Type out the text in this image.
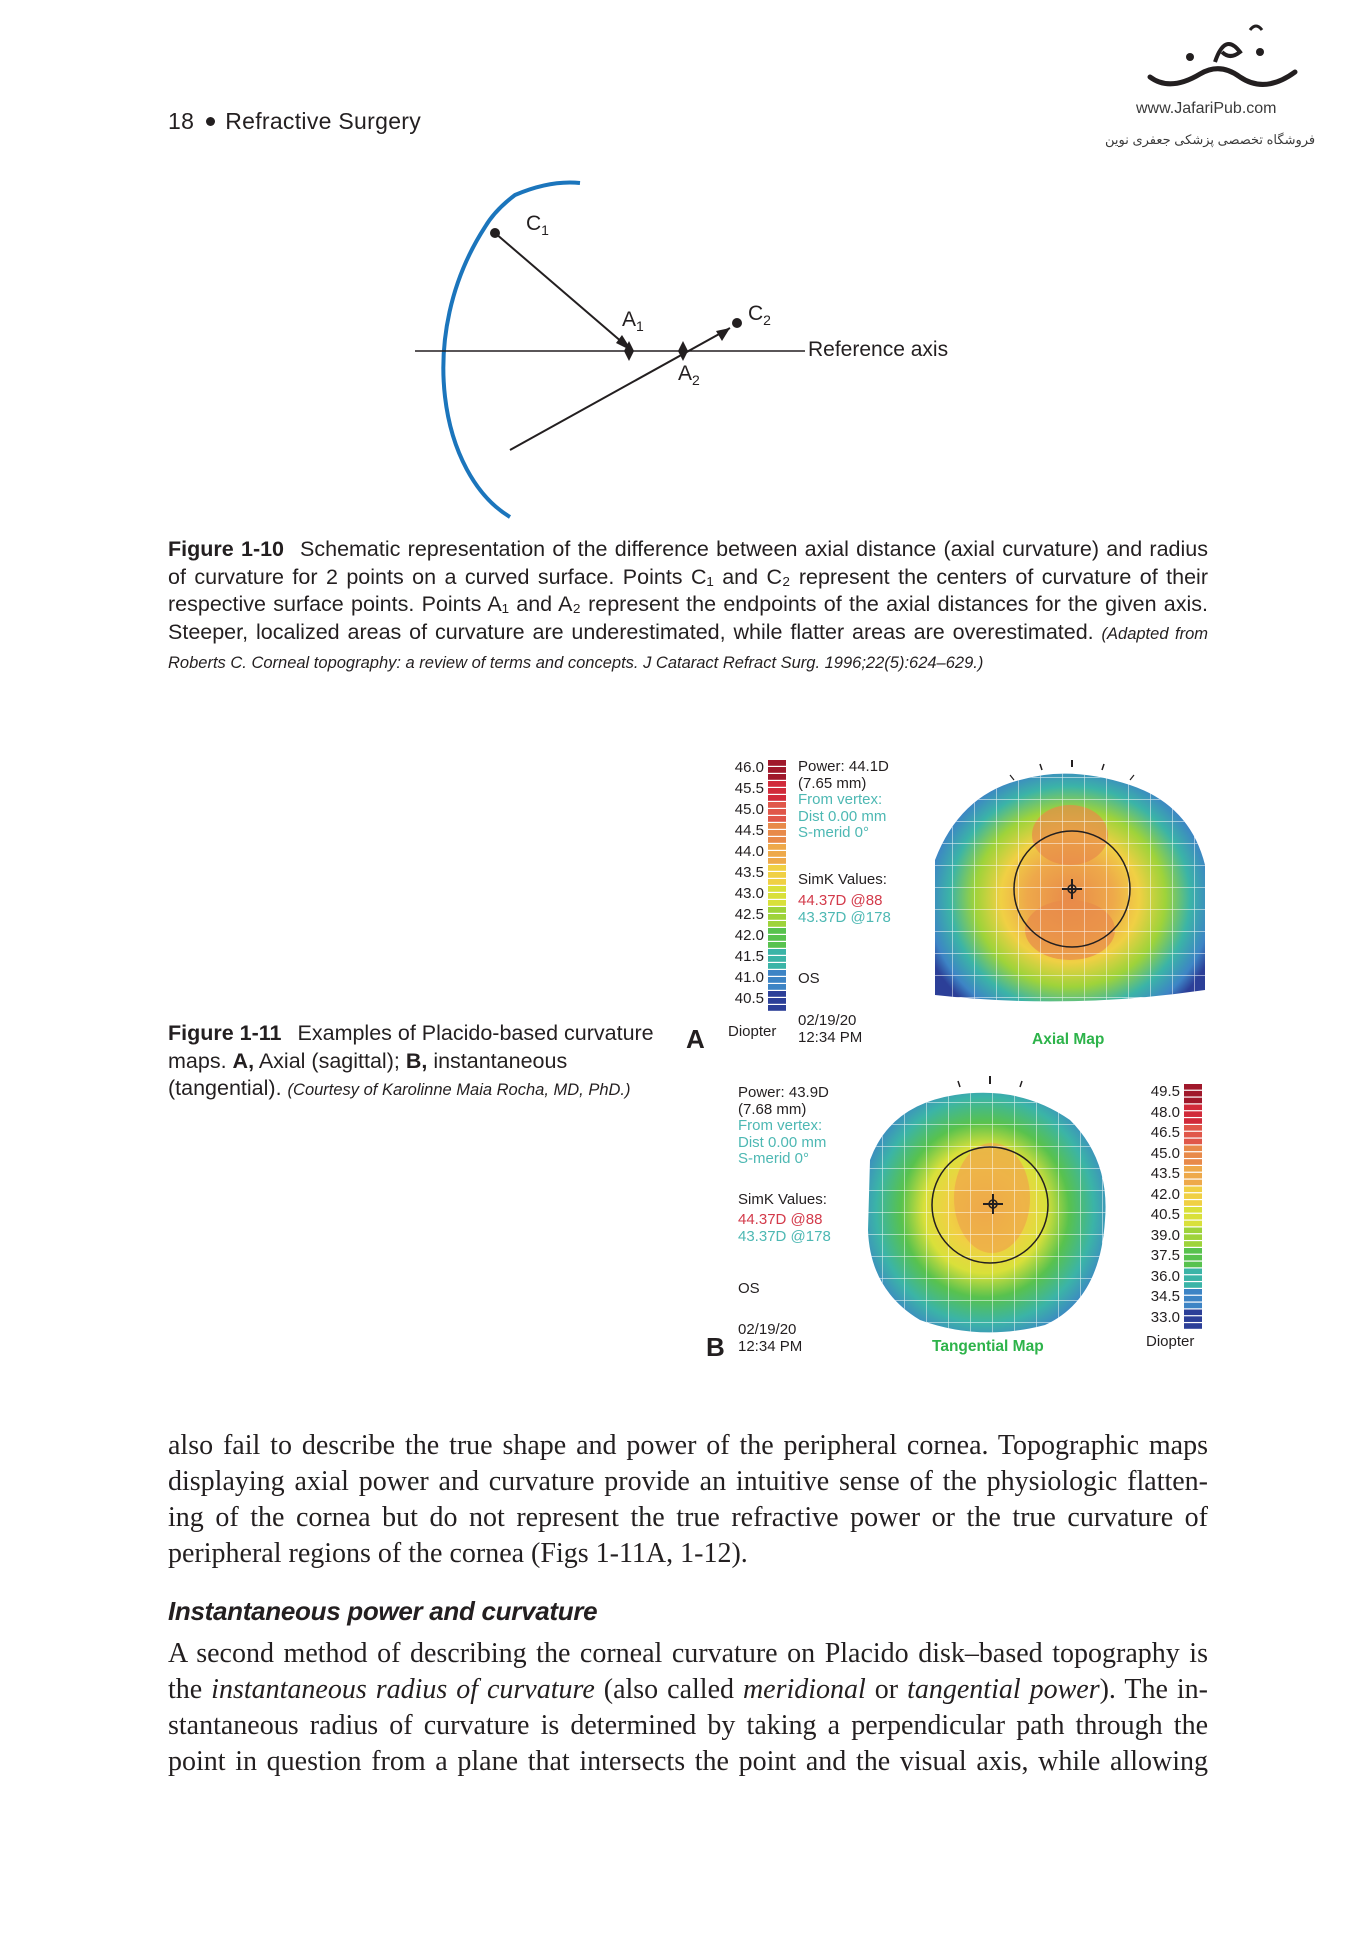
18 Refractive Surgery	www.JafariPub.com
فروشگاه تخصصی پزشکی جعفری نوین
$C_1$
$A_1$
$C_2$
$A_2$
Reference axis
Figure 1-10 Schematic representation of the difference between axial distance (axial curvature) and radius of curvature for 2 points on a curved surface. Points C₁ and C₂ represent the centers of curvature of their respective surface points. Points A₁ and A₂ represent the endpoints of the axial distances for the given axis. Steeper, localized areas of curvature are underestimated, while flatter areas are overestimated. (Adapted from Roberts C. Corneal topography: a review of terms and concepts. J Cataract Refract Surg. 1996;22(5):624–629.)
Figure 1-11 Examples of Placido-based curvature maps. A, Axial (sagittal); B, instantaneous (tangential). (Courtesy of Karolinne Maia Rocha, MD, PhD.)
46.0
45.5
45.0
44.5
44.0
43.5
43.0
42.5
42.0
41.5
41.0
40.5
A Diopter
Power: 44.1D
(7.65 mm)
From vertex:
Dist 0.00 mm
S-merid 0°
SimK Values:
44.37D @88
43.37D @178
OS
02/19/20
12:34 PM	Axial Map
Power: 43.9D
(7.68 mm)
From vertex:
Dist 0.00 mm
S-merid 0°
SimK Values:
44.37D @88
43.37D @178
OS
02/19/20
12:34 PM
B	Tangential Map
49.5
48.0
46.5
45.0
43.5
42.0
40.5
39.0
37.5
36.0
34.5
33.0
Diopter
also fail to describe the true shape and power of the peripheral cornea. Topographic maps
displaying axial power and curvature provide an intuitive sense of the physiologic flatten-
ing of the cornea but do not represent the true refractive power or the true curvature of
peripheral regions of the cornea (Figs 1-11A, 1-12).
Instantaneous power and curvature
A second method of describing the corneal curvature on Placido disk–based topography is
the instantaneous radius of curvature (also called meridional or tangential power). The in-
stantaneous radius of curvature is determined by taking a perpendicular path through the
point in question from a plane that intersects the point and the visual axis, while allowing
